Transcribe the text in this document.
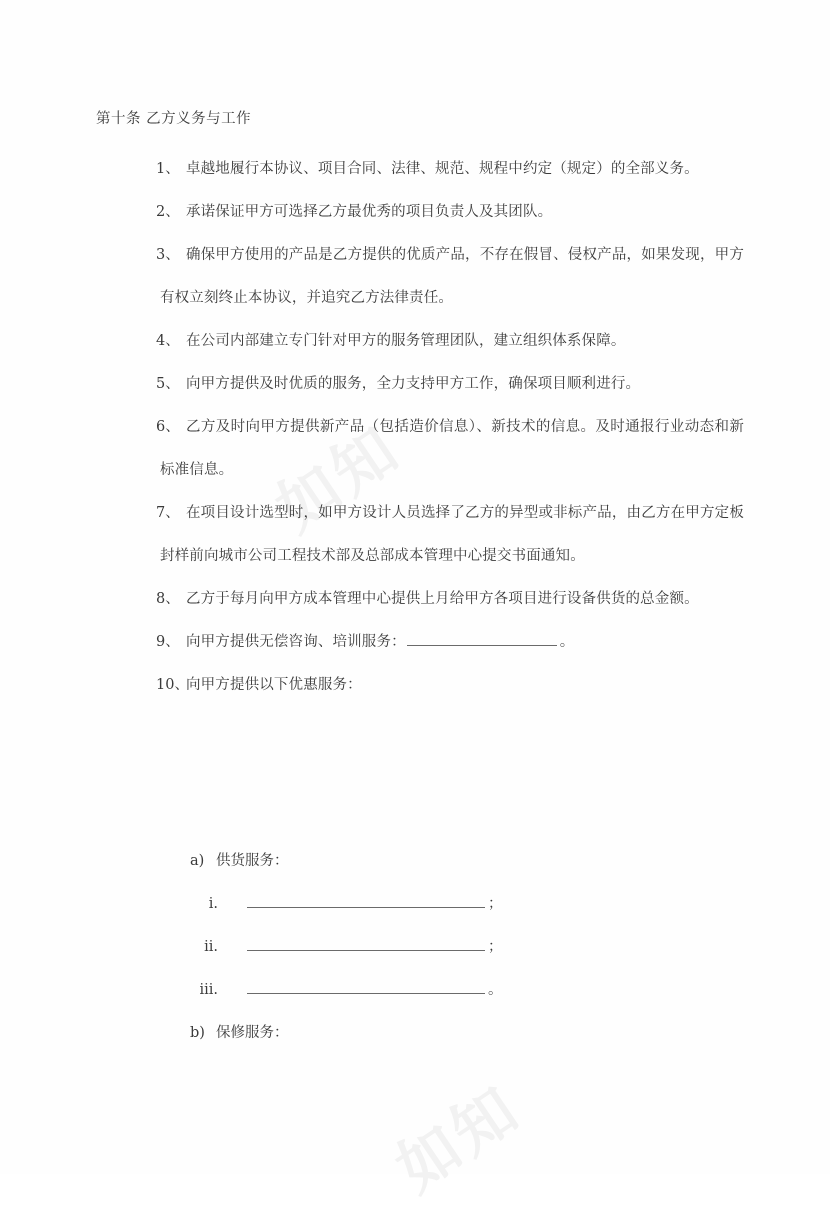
如知
如知
第十条 乙方义务与工作
1、 卓越地履行本协议、项目合同、法律、规范、规程中约定（规定）的全部义务。
2、 承诺保证甲方可选择乙方最优秀的项目负责人及其团队。
3、 确保甲方使用的产品是乙方提供的优质产品，不存在假冒、侵权产品，如果发现，甲方有权立刻终止本协议，并追究乙方法律责任。
4、 在公司内部建立专门针对甲方的服务管理团队，建立组织体系保障。
5、 向甲方提供及时优质的服务，全力支持甲方工作，确保项目顺利进行。
6、 乙方及时向甲方提供新产品（包括造价信息）、新技术的信息。及时通报行业动态和新标准信息。
7、 在项目设计选型时，如甲方设计人员选择了乙方的异型或非标产品，由乙方在甲方定板封样前向城市公司工程技术部及总部成本管理中心提交书面通知。
8、 乙方于每月向甲方成本管理中心提供上月给甲方各项目进行设备供货的总金额。
9、 向甲方提供无偿咨询、培训服务：	。
10、
向甲方提供以下优惠服务：
a) 供货服务：
i.	；
ii.	；
iii.	。
b) 保修服务：
